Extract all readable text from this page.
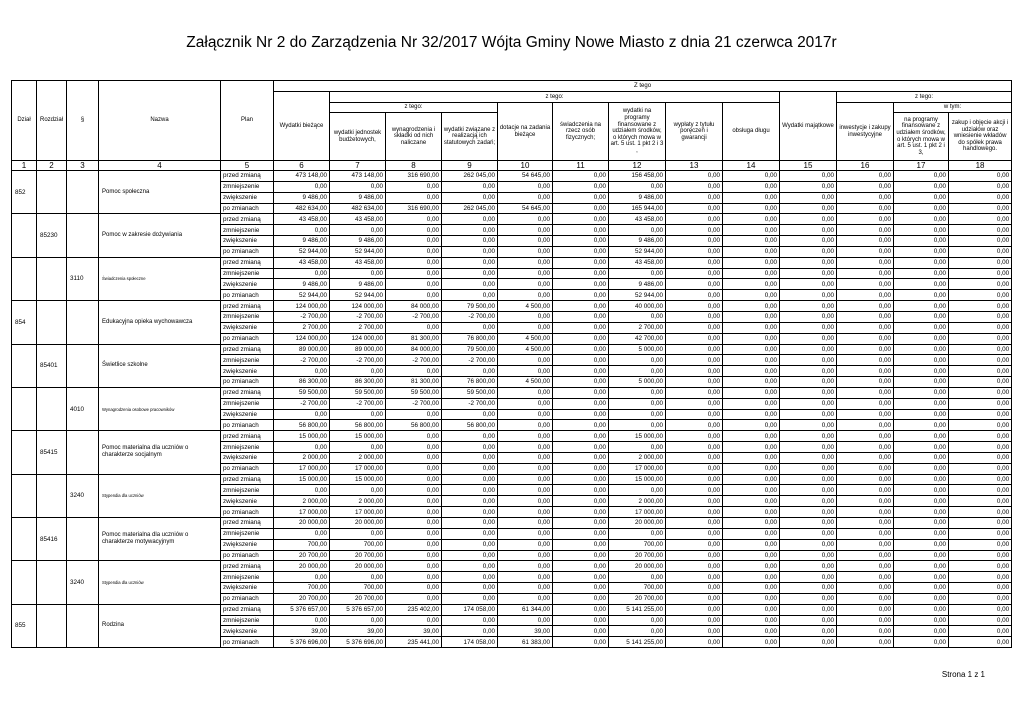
Załącznik Nr 2 do Zarządzenia Nr 32/2017 Wójta Gminy Nowe Miasto z dnia 21 czerwca 2017r
Dział	Rozdział	§	Nazwa	Plan	Z tego													
					Wydatki bieżące	z tego:								Wydatki majątkowe	z tego:			
						z tego:			dotacje na zadania bieżące	świadczenia na rzecz osób fizycznych;	wydatki na programy finansowane z udziałem środków, o których mowa w art. 5 ust. 1 pkt 2 i 3 ,	wypłaty z tytułu poręczeń i gwarancji	obsługa długu		inwestycje i zakupy inwestycyjne	w tym:		
						wydatki jednostek budżetowych,	wynagrodzenia i składki od nich naliczane	wydatki związane z realizacją ich statutowych zadań;								na programy finansowane z udziałem środków, o których mowa w art. 5 ust. 1 pkt 2 i 3,	zakup i objęcie akcji i udziałów oraz wniesienie wkładów do spółek prawa handlowego.	

1	2	3	4	5	6	7	8	9	10	11	12	13	14	15	16	17	18	
852			Pomoc społeczna	przed zmianą	473 148,00	473 148,00	316 690,00	262 045,00	54 645,00	0,00	156 458,00	0,00	0,00	0,00	0,00	0,00	0,00	
				zmniejszenie	0,00	0,00	0,00	0,00	0,00	0,00	0,00	0,00	0,00	0,00	0,00	0,00	0,00	
				zwiększenie	9 486,00	9 486,00	0,00	0,00	0,00	0,00	9 486,00	0,00	0,00	0,00	0,00	0,00	0,00	
				po zmianach	482 634,00	482 634,00	316 690,00	262 045,00	54 645,00	0,00	165 944,00	0,00	0,00	0,00	0,00	0,00	0,00	
	85230		Pomoc w zakresie dożywiania	przed zmianą	43 458,00	43 458,00	0,00	0,00	0,00	0,00	43 458,00	0,00	0,00	0,00	0,00	0,00	0,00	
				zmniejszenie	0,00	0,00	0,00	0,00	0,00	0,00	0,00	0,00	0,00	0,00	0,00	0,00	0,00	
				zwiększenie	9 486,00	9 486,00	0,00	0,00	0,00	0,00	9 486,00	0,00	0,00	0,00	0,00	0,00	0,00	
				po zmianach	52 944,00	52 944,00	0,00	0,00	0,00	0,00	52 944,00	0,00	0,00	0,00	0,00	0,00	0,00	
		3110	Świadczenia społeczne	przed zmianą	43 458,00	43 458,00	0,00	0,00	0,00	0,00	43 458,00	0,00	0,00	0,00	0,00	0,00	0,00	
				zmniejszenie	0,00	0,00	0,00	0,00	0,00	0,00	0,00	0,00	0,00	0,00	0,00	0,00	0,00	
				zwiększenie	9 486,00	9 486,00	0,00	0,00	0,00	0,00	9 486,00	0,00	0,00	0,00	0,00	0,00	0,00	
				po zmianach	52 944,00	52 944,00	0,00	0,00	0,00	0,00	52 944,00	0,00	0,00	0,00	0,00	0,00	0,00	
854			Edukacyjna opieka wychowawcza	przed zmianą	124 000,00	124 000,00	84 000,00	79 500,00	4 500,00	0,00	40 000,00	0,00	0,00	0,00	0,00	0,00	0,00	
				zmniejszenie	-2 700,00	-2 700,00	-2 700,00	-2 700,00	0,00	0,00	0,00	0,00	0,00	0,00	0,00	0,00	0,00	
				zwiększenie	2 700,00	2 700,00	0,00	0,00	0,00	0,00	2 700,00	0,00	0,00	0,00	0,00	0,00	0,00	
				po zmianach	124 000,00	124 000,00	81 300,00	76 800,00	4 500,00	0,00	42 700,00	0,00	0,00	0,00	0,00	0,00	0,00	
	85401		Świetlice szkolne	przed zmianą	89 000,00	89 000,00	84 000,00	79 500,00	4 500,00	0,00	5 000,00	0,00	0,00	0,00	0,00	0,00	0,00	
				zmniejszenie	-2 700,00	-2 700,00	-2 700,00	-2 700,00	0,00	0,00	0,00	0,00	0,00	0,00	0,00	0,00	0,00	
				zwiększenie	0,00	0,00	0,00	0,00	0,00	0,00	0,00	0,00	0,00	0,00	0,00	0,00	0,00	
				po zmianach	86 300,00	86 300,00	81 300,00	76 800,00	4 500,00	0,00	5 000,00	0,00	0,00	0,00	0,00	0,00	0,00	
		4010	Wynagrodzenia osobowe pracowników	przed zmianą	59 500,00	59 500,00	59 500,00	59 500,00	0,00	0,00	0,00	0,00	0,00	0,00	0,00	0,00	0,00	
				zmniejszenie	-2 700,00	-2 700,00	-2 700,00	-2 700,00	0,00	0,00	0,00	0,00	0,00	0,00	0,00	0,00	0,00	
				zwiększenie	0,00	0,00	0,00	0,00	0,00	0,00	0,00	0,00	0,00	0,00	0,00	0,00	0,00	
				po zmianach	56 800,00	56 800,00	56 800,00	56 800,00	0,00	0,00	0,00	0,00	0,00	0,00	0,00	0,00	0,00	
	85415		Pomoc materialna dla uczniów o charakterze socjalnym	przed zmianą	15 000,00	15 000,00	0,00	0,00	0,00	0,00	15 000,00	0,00	0,00	0,00	0,00	0,00	0,00	
				zmniejszenie	0,00	0,00	0,00	0,00	0,00	0,00	0,00	0,00	0,00	0,00	0,00	0,00	0,00	
				zwiększenie	2 000,00	2 000,00	0,00	0,00	0,00	0,00	2 000,00	0,00	0,00	0,00	0,00	0,00	0,00	
				po zmianach	17 000,00	17 000,00	0,00	0,00	0,00	0,00	17 000,00	0,00	0,00	0,00	0,00	0,00	0,00	
		3240	Stypendia dla uczniów	przed zmianą	15 000,00	15 000,00	0,00	0,00	0,00	0,00	15 000,00	0,00	0,00	0,00	0,00	0,00	0,00	
				zmniejszenie	0,00	0,00	0,00	0,00	0,00	0,00	0,00	0,00	0,00	0,00	0,00	0,00	0,00	
				zwiększenie	2 000,00	2 000,00	0,00	0,00	0,00	0,00	2 000,00	0,00	0,00	0,00	0,00	0,00	0,00	
				po zmianach	17 000,00	17 000,00	0,00	0,00	0,00	0,00	17 000,00	0,00	0,00	0,00	0,00	0,00	0,00	
	85416		Pomoc materialna dla uczniów o charakterze motywacyjnym	przed zmianą	20 000,00	20 000,00	0,00	0,00	0,00	0,00	20 000,00	0,00	0,00	0,00	0,00	0,00	0,00	
				zmniejszenie	0,00	0,00	0,00	0,00	0,00	0,00	0,00	0,00	0,00	0,00	0,00	0,00	0,00	
				zwiększenie	700,00	700,00	0,00	0,00	0,00	0,00	700,00	0,00	0,00	0,00	0,00	0,00	0,00	
				po zmianach	20 700,00	20 700,00	0,00	0,00	0,00	0,00	20 700,00	0,00	0,00	0,00	0,00	0,00	0,00	
		3240	Stypendia dla uczniów	przed zmianą	20 000,00	20 000,00	0,00	0,00	0,00	0,00	20 000,00	0,00	0,00	0,00	0,00	0,00	0,00	
				zmniejszenie	0,00	0,00	0,00	0,00	0,00	0,00	0,00	0,00	0,00	0,00	0,00	0,00	0,00	
				zwiększenie	700,00	700,00	0,00	0,00	0,00	0,00	700,00	0,00	0,00	0,00	0,00	0,00	0,00	
				po zmianach	20 700,00	20 700,00	0,00	0,00	0,00	0,00	20 700,00	0,00	0,00	0,00	0,00	0,00	0,00	
855			Rodzina	przed zmianą	5 376 657,00	5 376 657,00	235 402,00	174 058,00	61 344,00	0,00	5 141 255,00	0,00	0,00	0,00	0,00	0,00	0,00	
				zmniejszenie	0,00	0,00	0,00	0,00	0,00	0,00	0,00	0,00	0,00	0,00	0,00	0,00	0,00	
				zwiększenie	39,00	39,00	39,00	0,00	39,00	0,00	0,00	0,00	0,00	0,00	0,00	0,00	0,00	
				po zmianach	5 376 696,00	5 376 696,00	235 441,00	174 058,00	61 383,00	0,00	5 141 255,00	0,00	0,00	0,00	0,00	0,00	0,00	
Strona 1 z 1
